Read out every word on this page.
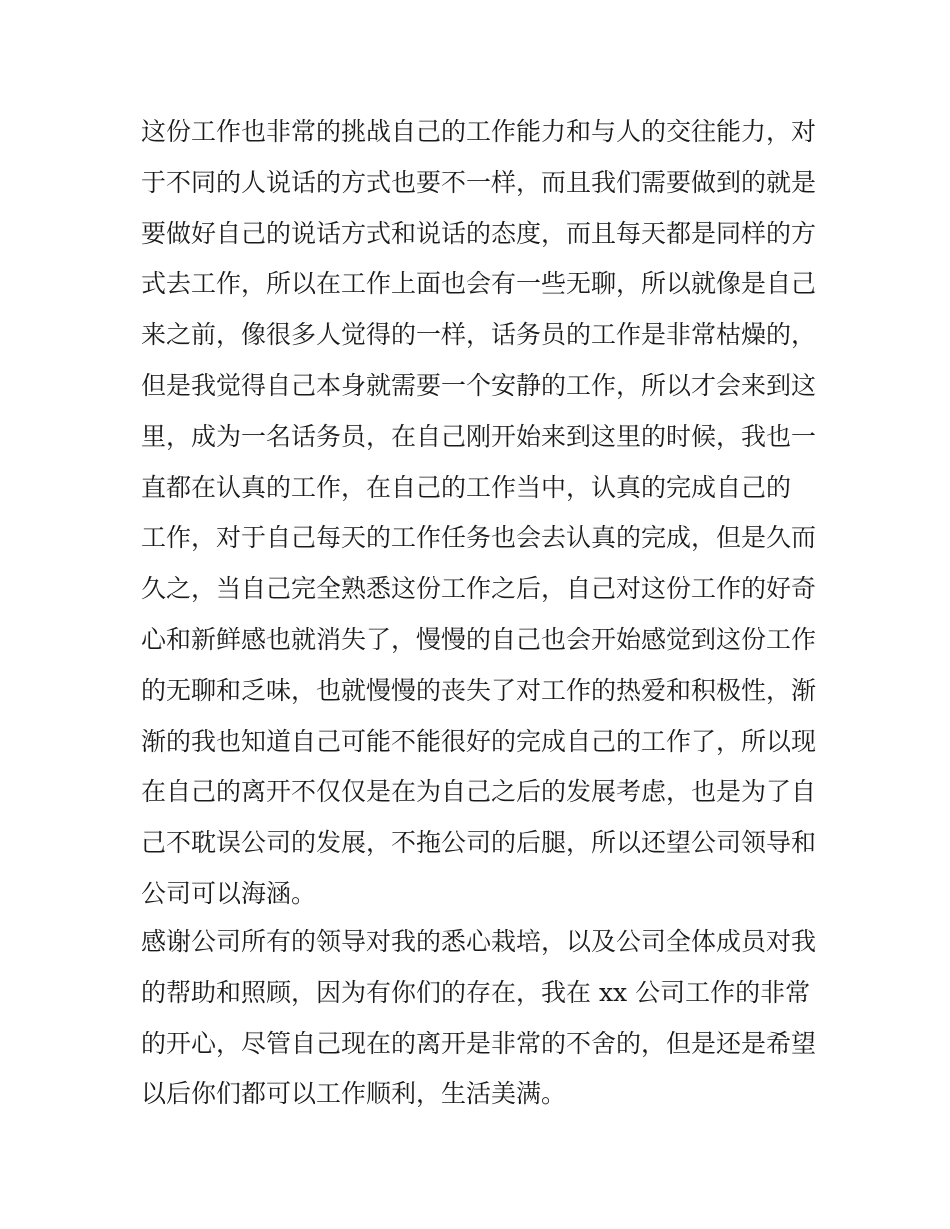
这份工作也非常的挑战自己的工作能力和与人的交往能力，对
于不同的人说话的方式也要不一样，而且我们需要做到的就是
要做好自己的说话方式和说话的态度，而且每天都是同样的方
式去工作，所以在工作上面也会有一些无聊，所以就像是自己
来之前，像很多人觉得的一样，话务员的工作是非常枯燥的，
但是我觉得自己本身就需要一个安静的工作，所以才会来到这
里，成为一名话务员，在自己刚开始来到这里的时候，我也一
直都在认真的工作，在自己的工作当中，认真的完成自己的
工作，对于自己每天的工作任务也会去认真的完成，但是久而
久之，当自己完全熟悉这份工作之后，自己对这份工作的好奇
心和新鲜感也就消失了，慢慢的自己也会开始感觉到这份工作
的无聊和乏味，也就慢慢的丧失了对工作的热爱和积极性，渐
渐的我也知道自己可能不能很好的完成自己的工作了，所以现
在自己的离开不仅仅是在为自己之后的发展考虑，也是为了自
己不耽误公司的发展，不拖公司的后腿，所以还望公司领导和
公司可以海涵。
感谢公司所有的领导对我的悉心栽培，以及公司全体成员对我
的帮助和照顾，因为有你们的存在，我在 xx 公司工作的非常
的开心，尽管自己现在的离开是非常的不舍的，但是还是希望
以后你们都可以工作顺利，生活美满。
